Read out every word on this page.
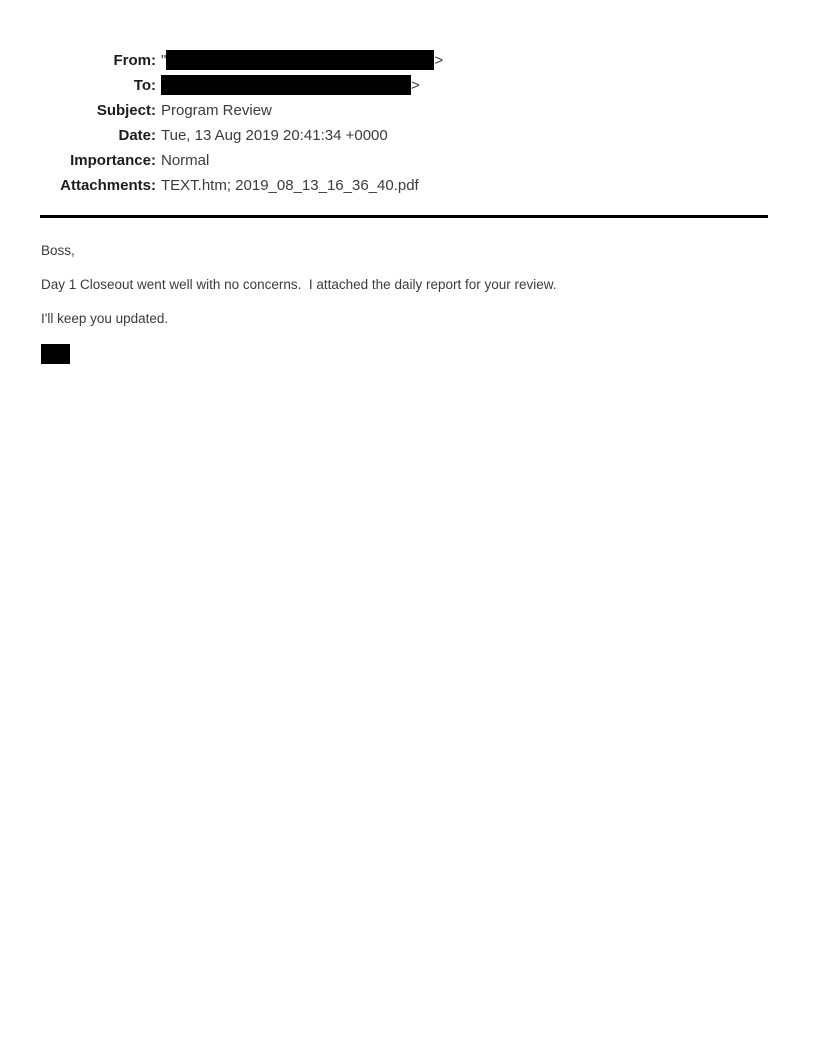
From: "	>
To:	>
Subject: Program Review
Date: Tue, 13 Aug 2019 20:41:34 +0000
Importance: Normal
Attachments: TEXT.htm; 2019_08_13_16_36_40.pdf

Boss,

Day 1 Closeout went well with no concerns.  I attached the daily report for your review.

I'll keep you updated.
